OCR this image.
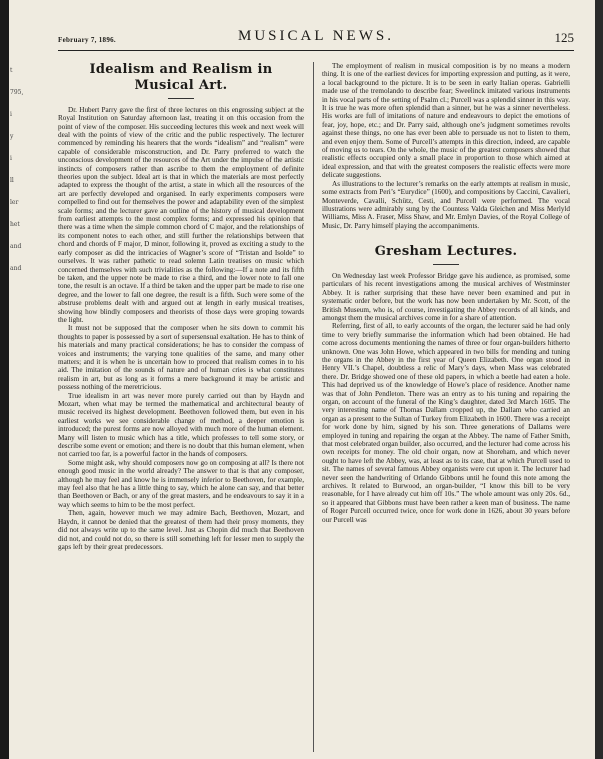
t
795,
i
y
i
ll
ler
het
and
and
February 7, 1896.	MUSICAL NEWS.	125
Idealism and Realism in Musical Art.

Dr. Hubert Parry gave the first of three lectures on this engrossing subject at the Royal Institution on Saturday afternoon last, treating it on this occasion from the point of view of the composer. His succeeding lectures this week and next week will deal with the points of view of the critic and the public respectively. The lecturer commenced by reminding his hearers that the words “idealism” and “realism” were capable of considerable misconstruction, and Dr. Parry preferred to watch the unconscious development of the resources of the Art under the impulse of the artistic instincts of composers rather than ascribe to them the employment of definite theories upon the subject. Ideal art is that in which the materials are most perfectly adapted to express the thought of the artist, a state in which all the resources of the art are perfectly developed and organised. In early experiments composers were compelled to find out for themselves the power and adaptability even of the simplest scale forms; and the lecturer gave an outline of the history of musical development from earliest attempts to the most complex forms; and expressed his opinion that there was a time when the simple common chord of C major, and the relationships of its component notes to each other, and still further the relationships between that chord and chords of F major, D minor, following it, proved as exciting a study to the early composer as did the intricacies of Wagner’s score of “Tristan and Isolde” to ourselves. It was rather pathetic to read solemn Latin treatises on music which concerned themselves with such trivialities as the following:—If a note and its fifth be taken, and the upper note be made to rise a third, and the lower note to fall one tone, the result is an octave. If a third be taken and the upper part be made to rise one degree, and the lower to fall one degree, the result is a fifth. Such were some of the abstruse problems dealt with and argued out at length in early musical treatises, showing how blindly composers and theorists of those days were groping towards the light.

It must not be supposed that the composer when he sits down to commit his thoughts to paper is possessed by a sort of supersensual exaltation. He has to think of his materials and many practical considerations; he has to consider the compass of voices and instruments; the varying tone qualities of the same, and many other matters; and it is when he is uncertain how to proceed that realism comes in to his aid. The imitation of the sounds of nature and of human cries is what constitutes realism in art, but as long as it forms a mere background it may be artistic and possess nothing of the meretricious.

True idealism in art was never more purely carried out than by Haydn and Mozart, when what may be termed the mathematical and architectural beauty of music received its highest development. Beethoven followed them, but even in his earliest works we see considerable change of method, a deeper emotion is introduced; the purest forms are now alloyed with much more of the human element. Many will listen to music which has a title, which professes to tell some story, or describe some event or emotion; and there is no doubt that this human element, when not carried too far, is a powerful factor in the hands of composers.

Some might ask, why should composers now go on composing at all? Is there not enough good music in the world already? The answer to that is that any composer, although he may feel and know he is immensely inferior to Beethoven, for example, may feel also that he has a little thing to say, which he alone can say, and that better than Beethoven or Bach, or any of the great masters, and he endeavours to say it in a way which seems to him to be the most perfect.

Then, again, however much we may admire Bach, Beethoven, Mozart, and Haydn, it cannot be denied that the greatest of them had their prosy moments, they did not always write up to the same level. Just as Chopin did much that Beethoven did not, and could not do, so there is still something left for lesser men to supply the gaps left by their great predecessors.

The employment of realism in musical composition is by no means a modern thing. It is one of the earliest devices for importing expression and putting, as it were, a local background to the picture. It is to be seen in early Italian operas. Gabrielli made use of the tremolando to describe fear; Sweelinck imitated various instruments in his vocal parts of the setting of Psalm cl.; Purcell was a splendid sinner in this way. It is true he was more often splendid than a sinner, but he was a sinner nevertheless. His works are full of imitations of nature and endeavours to depict the emotions of fear, joy, hope, etc.; and Dr. Parry said, although one’s judgment sometimes revolts against these things, no one has ever been able to persuade us not to listen to them, and even enjoy them. Some of Purcell’s attempts in this direction, indeed, are capable of moving us to tears. On the whole, the music of the greatest composers showed that realistic effects occupied only a small place in proportion to those which aimed at ideal expression, and that with the greatest composers the realistic effects were more delicate suggestions.

As illustrations to the lecturer’s remarks on the early attempts at realism in music, some extracts from Peri’s “Eurydice” (1600), and compositions by Caccini, Cavalieri, Monteverde, Cavalli, Schütz, Cesti, and Purcell were performed. The vocal illustrations were admirably sung by the Countess Valda Gleichen and Miss Merlyld Williams, Miss A. Fraser, Miss Shaw, and Mr. Emlyn Davies, of the Royal College of Music, Dr. Parry himself playing the accompaniments.

Gresham Lectures.

On Wednesday last week Professor Bridge gave his audience, as promised, some particulars of his recent investigations among the musical archives of Westminster Abbey. It is rather surprising that these have never been examined and put in systematic order before, but the work has now been undertaken by Mr. Scott, of the British Museum, who is, of course, investigating the Abbey records of all kinds, and amongst them the musical archives come in for a share of attention.

Referring, first of all, to early accounts of the organ, the lecturer said he had only time to very briefly summarise the information which had been obtained. He had come across documents mentioning the names of three or four organ-builders hitherto unknown. One was John Howe, which appeared in two bills for mending and tuning the organs in the Abbey in the first year of Queen Elizabeth. One organ stood in Henry VII.’s Chapel, doubtless a relic of Mary’s days, when Mass was celebrated there. Dr. Bridge showed one of these old papers, in which a beetle had eaten a hole. This had deprived us of the knowledge of Howe’s place of residence. Another name was that of John Pendleton. There was an entry as to his tuning and repairing the organ, on account of the funeral of the King’s daughter, dated 3rd March 1605. The very interesting name of Thomas Dallam cropped up, the Dallam who carried an organ as a present to the Sultan of Turkey from Elizabeth in 1600. There was a receipt for work done by him, signed by his son. Three generations of Dallams were employed in tuning and repairing the organ at the Abbey. The name of Father Smith, that most celebrated organ builder, also occurred, and the lecturer had come across his own receipts for money. The old choir organ, now at Shoreham, and which never ought to have left the Abbey, was, at least as to its case, that at which Purcell used to sit. The names of several famous Abbey organists were cut upon it. The lecturer had never seen the handwriting of Orlando Gibbons until he found this note among the archives. It related to Burwood, an organ-builder, “I know this bill to be very reasonable, for I have already cut him off 10s.” The whole amount was only 20s. 6d., so it appeared that Gibbons must have been rather a keen man of business. The name of Roger Purcell occurred twice, once for work done in 1626, about 30 years before our Purcell was
